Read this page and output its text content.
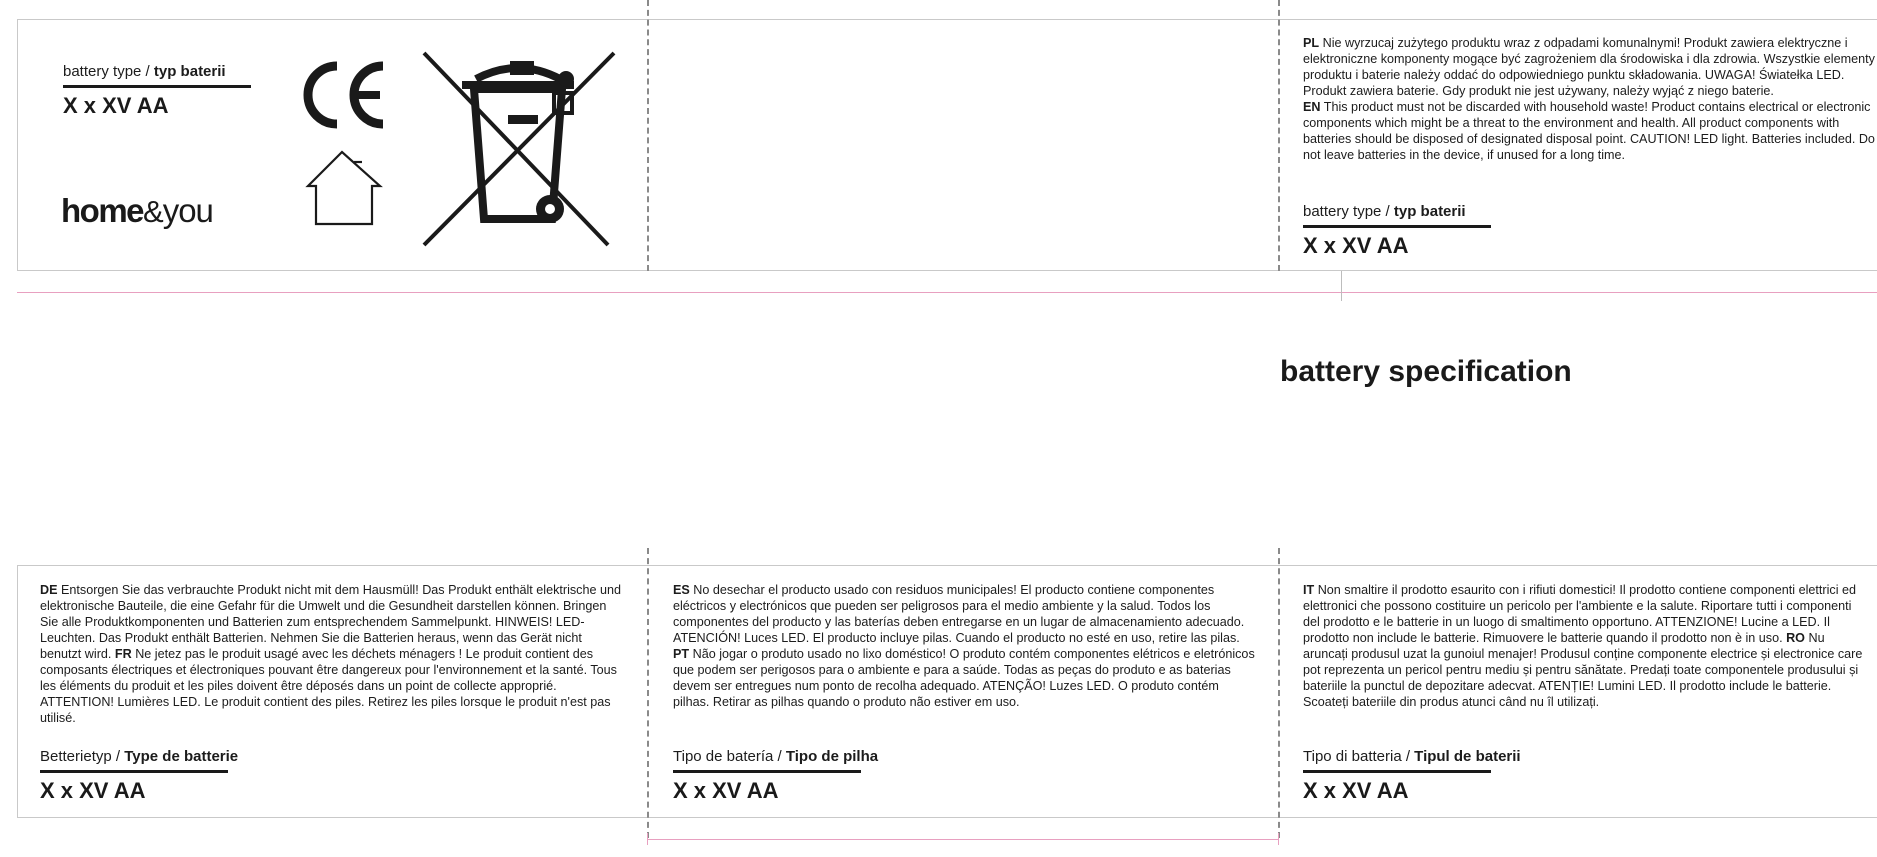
battery type / typ baterii
X x XV AA
home&you
PL Nie wyrzucaj zużytego produktu wraz z odpadami komunalnymi! Produkt zawiera elektryczne i elektroniczne komponenty mogące być zagrożeniem dla środowiska i dla zdrowia. Wszystkie elementy produktu i baterie należy oddać do odpowiedniego punktu składowania. UWAGA! Światełka LED. Produkt zawiera baterie. Gdy produkt nie jest używany, należy wyjąć z niego baterie.
EN This product must not be discarded with household waste! Product contains electrical or electronic components which might be a threat to the environment and health. All product components with batteries should be disposed of designated disposal point. CAUTION! LED light. Batteries included. Do not leave batteries in the device, if unused for a long time.
battery type / typ baterii
X x XV AA
battery specification
DE Entsorgen Sie das verbrauchte Produkt nicht mit dem Hausmüll! Das Produkt enthält elektrische und elektronische Bauteile, die eine Gefahr für die Umwelt und die Gesundheit darstellen können. Bringen Sie alle Produktkomponenten und Batterien zum entsprechendem Sammelpunkt. HINWEIS! LED-Leuchten. Das Produkt enthält Batterien. Nehmen Sie die Batterien heraus, wenn das Gerät nicht benutzt wird. FR Ne jetez pas le produit usagé avec les déchets ménagers ! Le produit contient des composants électriques et électroniques pouvant être dangereux pour l'environnement et la santé. Tous les éléments du produit et les piles doivent être déposés dans un point de collecte approprié. ATTENTION! Lumières LED. Le produit contient des piles. Retirez les piles lorsque le produit n'est pas utilisé.
Betterietyp / Type de batterie
X x XV AA
ES No desechar el producto usado con residuos municipales! El producto contiene componentes eléctricos y electrónicos que pueden ser peligrosos para el medio ambiente y la salud. Todos los componentes del producto y las baterías deben entregarse en un lugar de almacenamiento adecuado. ATENCIÓN! Luces LED. El producto incluye pilas. Cuando el producto no esté en uso, retire las pilas. PT Não jogar o produto usado no lixo doméstico! O produto contém componentes elétricos e eletrónicos que podem ser perigosos para o ambiente e para a saúde. Todas as peças do produto e as baterias devem ser entregues num ponto de recolha adequado. ATENÇÃO! Luzes LED. O produto contém pilhas. Retirar as pilhas quando o produto não estiver em uso.
Tipo de batería / Tipo de pilha
X x XV AA
IT Non smaltire il prodotto esaurito con i rifiuti domestici! Il prodotto contiene componenti elettrici ed elettronici che possono costituire un pericolo per l'ambiente e la salute. Riportare tutti i componenti del prodotto e le batterie in un luogo di smaltimento opportuno. ATTENZIONE! Lucine a LED. Il prodotto non include le batterie. Rimuovere le batterie quando il prodotto non è in uso. RO Nu aruncați produsul uzat la gunoiul menajer! Produsul conține componente electrice și electronice care pot reprezenta un pericol pentru mediu și pentru sănătate. Predați toate componentele produsului și bateriile la punctul de depozitare adecvat. ATENȚIE! Lumini LED. Il prodotto include le batterie. Scoateți bateriile din produs atunci când nu îl utilizați.
Tipo di batteria / Tipul de baterii
X x XV AA
